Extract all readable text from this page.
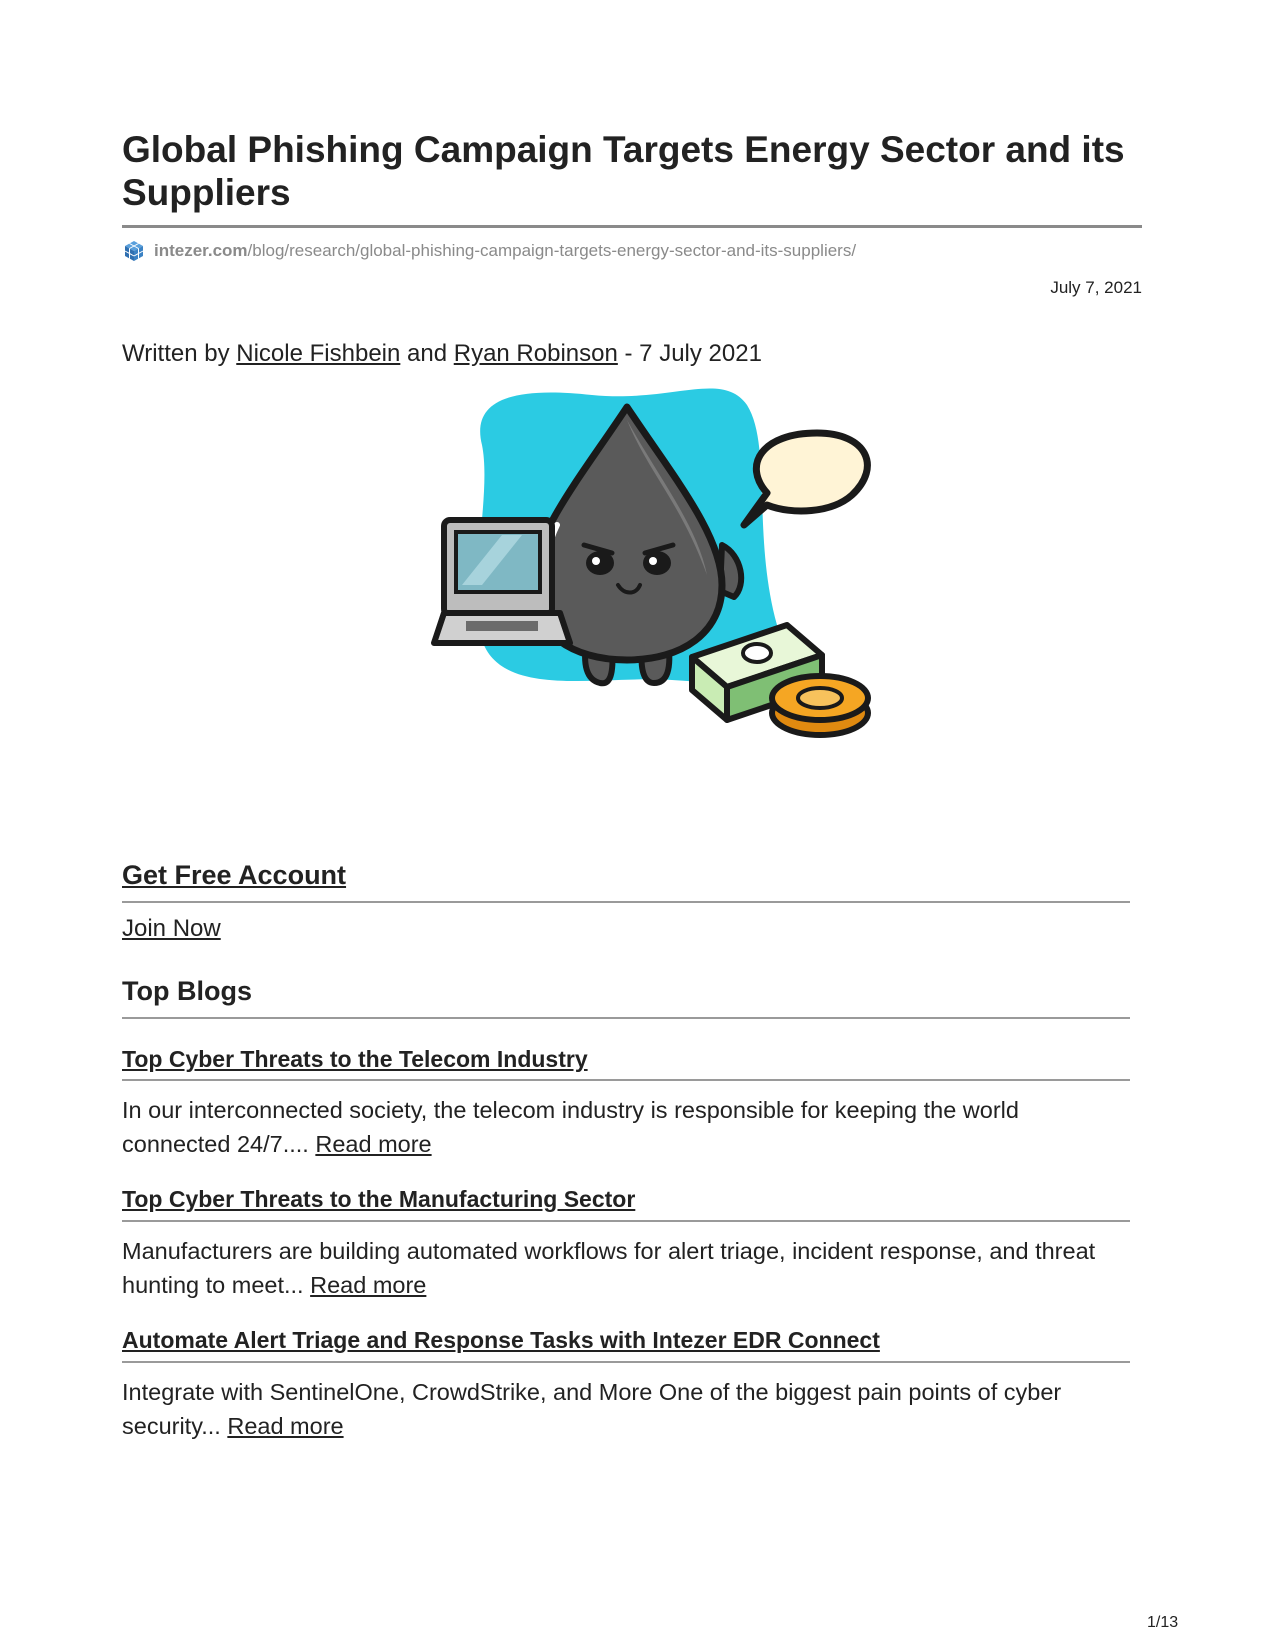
Global Phishing Campaign Targets Energy Sector and its Suppliers
intezer.com /blog/research/global-phishing-campaign-targets-energy-sector-and-its-suppliers/
July 7, 2021
Written by Nicole Fishbein and Ryan Robinson - 7 July 2021
Get Free Account
Join Now
Top Blogs
Top Cyber Threats to the Telecom Industry

In our interconnected society, the telecom industry is responsible for keeping the world connected 24/7.... Read more

Top Cyber Threats to the Manufacturing Sector

Manufacturers are building automated workflows for alert triage, incident response, and threat hunting to meet... Read more

Automate Alert Triage and Response Tasks with Intezer EDR Connect

Integrate with SentinelOne, CrowdStrike, and More One of the biggest pain points of cyber security... Read more

1/13
